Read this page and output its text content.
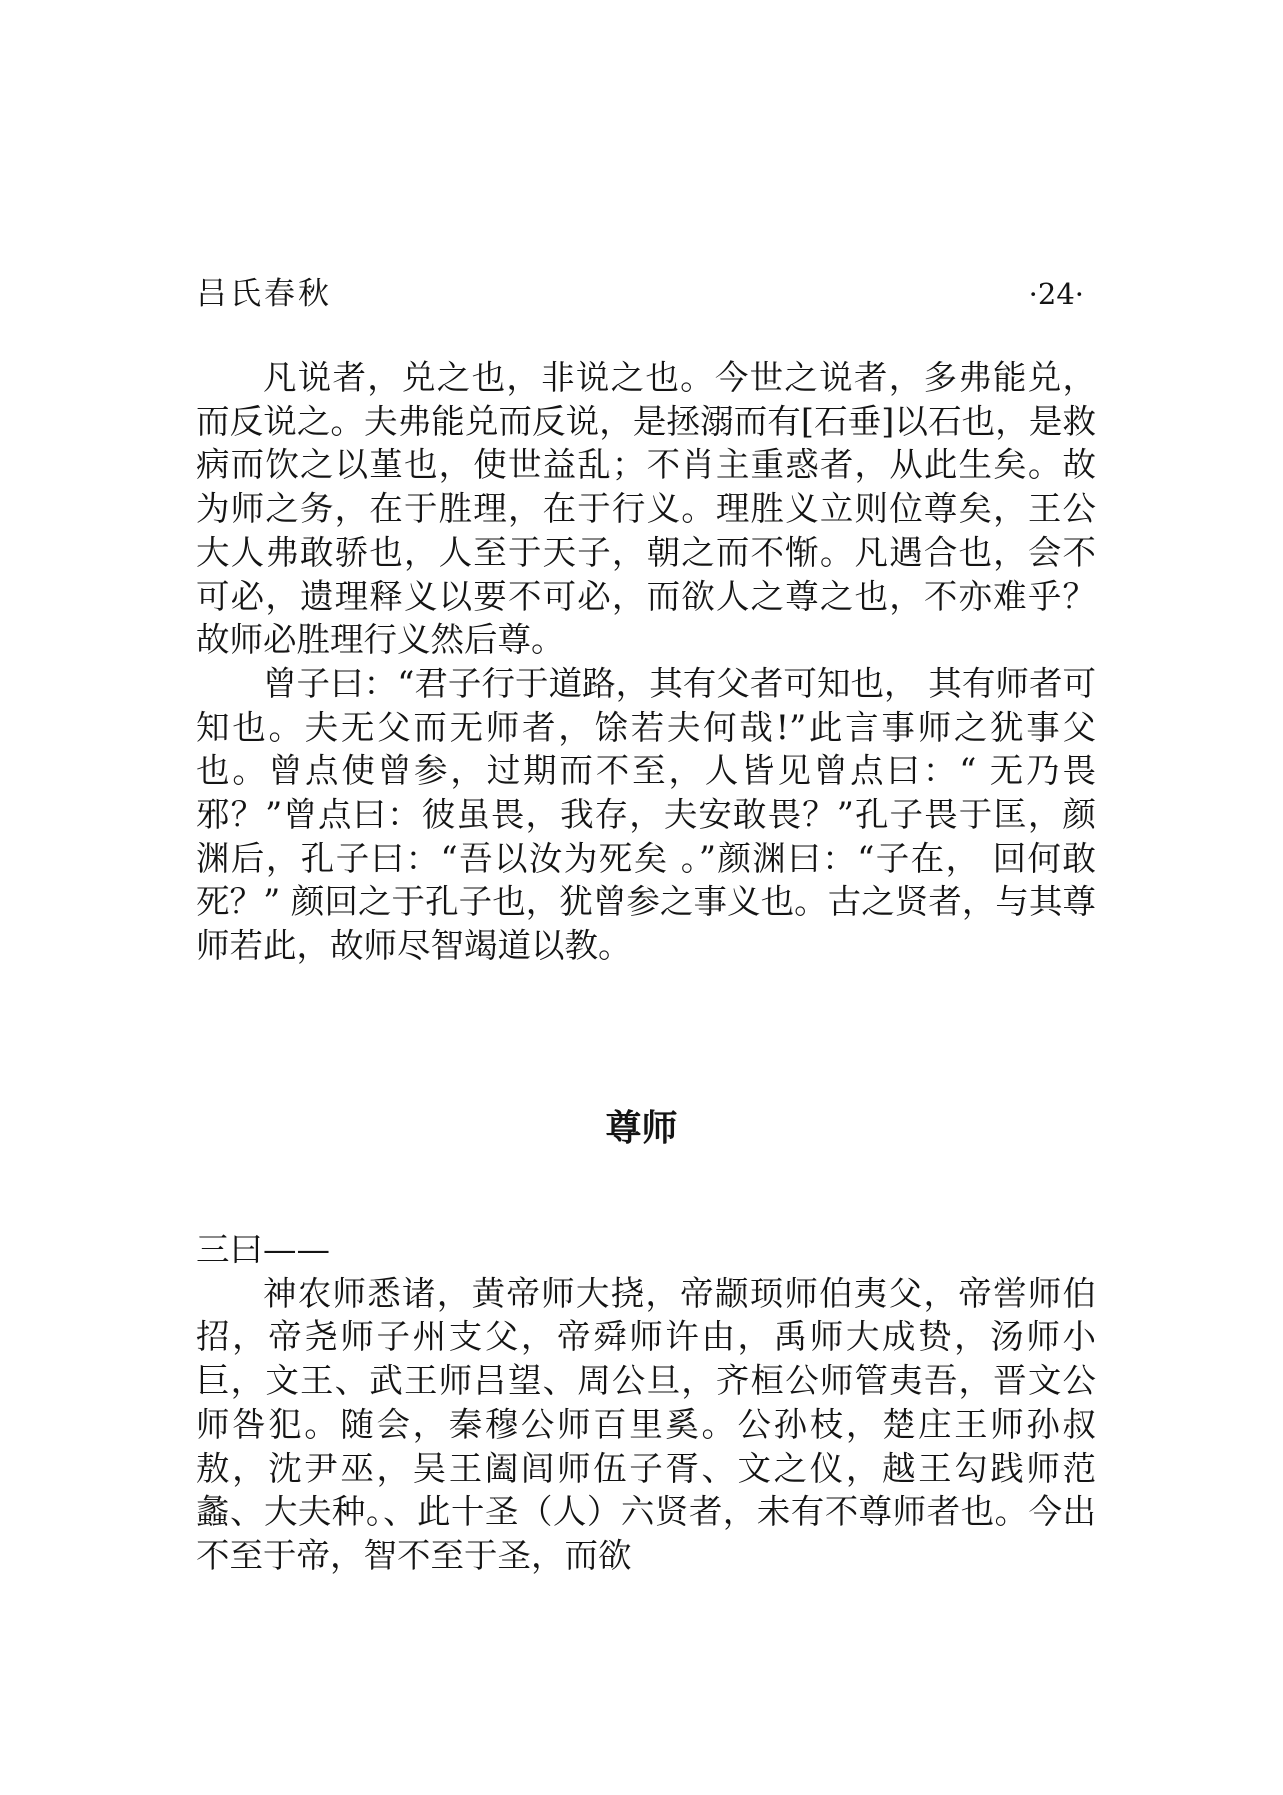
吕氏春秋	·24·

凡说者，兑之也，非说之也。今世之说者，多弗能兑，而反说之。夫弗能兑而反说，是拯溺而有[石垂]以石也，是救病而饮之以堇也，使世益乱；不肖主重惑者，从此生矣。故为师之务，在于胜理，在于行义。理胜义立则位尊矣，王公大人弗敢骄也，人至于天子，朝之而不惭。凡遇合也，会不可必，遗理释义以要不可必，而欲人之尊之也，不亦难乎？故师必胜理行义然后尊。

曾子曰：“君子行于道路，其有父者可知也， 其有师者可知也。夫无父而无师者，馀若夫何哉!”此言事师之犹事父也。曾点使曾参，过期而不至，人皆见曾点曰：“ 无乃畏邪？”曾点曰：彼虽畏，我存，夫安敢畏？”孔子畏于匡，颜渊后，孔子曰：“吾以汝为死矣 。”颜渊曰：“子在， 回何敢死？” 颜回之于孔子也，犹曾参之事义也。古之贤者，与其尊师若此，故师尽智竭道以教。

尊师

三曰——

神农师悉诸，黄帝师大挠，帝颛顼师伯夷父，帝喾师伯招，帝尧师子州支父，帝舜师许由，禹师大成贽，汤师小巨，文王、武王师吕望、周公旦，齐桓公师管夷吾，晋文公师咎犯。随会，秦穆公师百里奚。公孙枝，楚庄王师孙叔敖，沈尹巫，吴王阖闾师伍子胥、文之仪，越王勾践师范蠡、大夫种。、此十圣（人）六贤者，未有不尊师者也。今出不至于帝，智不至于圣，而欲
